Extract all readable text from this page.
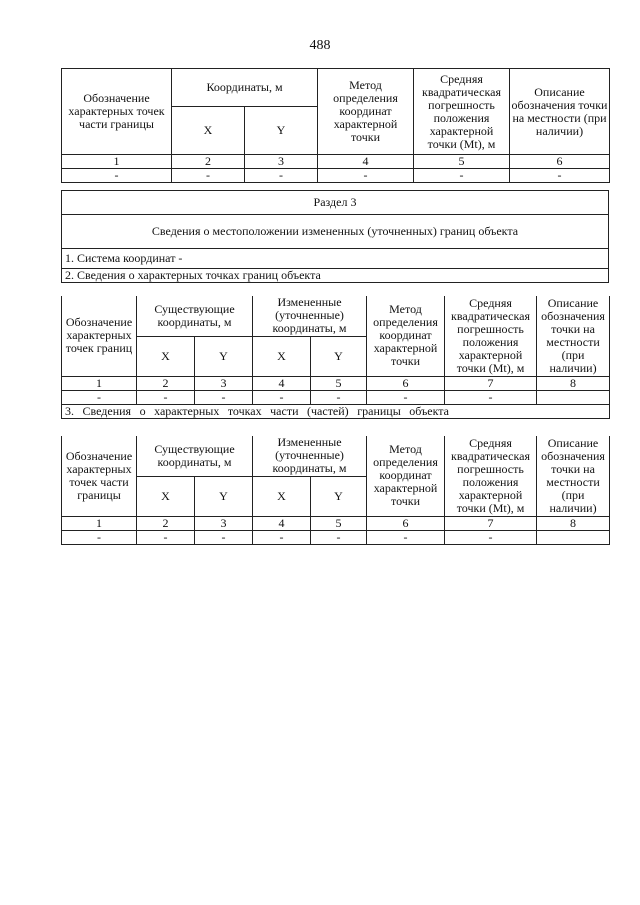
488
Обозначение характерных точек части границы	Координаты, м		Метод определения координат характерной точки	Средняя квадратическая погрешность положения характерной точки (Mt), м	Описание обозначения точки на местности (при наличии)
	X	Y			
1	2	3	4	5	6
-	-	-	-	-	-
Раздел 3
Сведения о местоположении измененных (уточненных) границ объекта
1. Система координат -
2. Сведения о характерных точках границ объекта
Обозначение характерных точек границ	Существующие координаты, м		Измененные (уточненные) координаты, м		Метод определения координат характерной точки	Средняя квадратическая погрешность положения характерной точки (Mt), м	Описание обозначения точки на местности (при наличии)
	X	Y	X	Y			
1	2	3	4	5	6	7	8
-	-	-	-	-	-	-	
3. Сведения о характерных точках части (частей) границы объекта							
Обозначение характерных точек части границы	Существующие координаты, м		Измененные (уточненные) координаты, м		Метод определения координат характерной точки	Средняя квадратическая погрешность положения характерной точки (Mt), м	Описание обозначения точки на местности (при наличии)
	X	Y	X	Y			
1	2	3	4	5	6	7	8
-	-	-	-	-	-	-	
